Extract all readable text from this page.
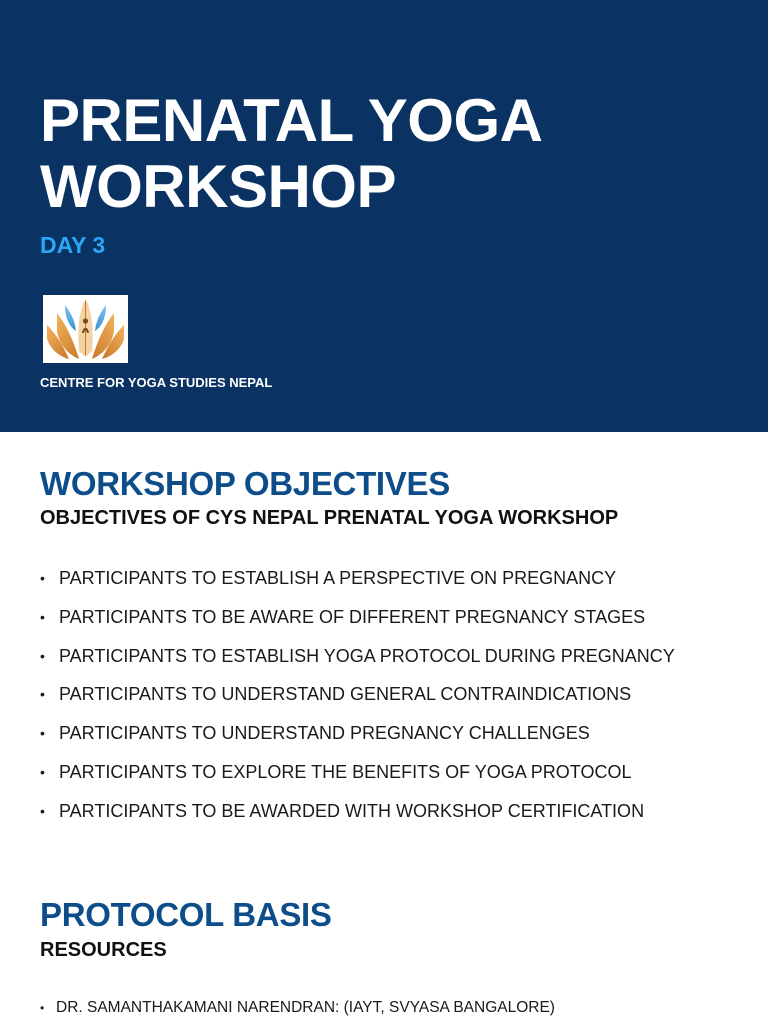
PRENATAL YOGA
WORKSHOP
DAY 3
CENTRE FOR YOGA STUDIES NEPAL
WORKSHOP OBJECTIVES
OBJECTIVES OF CYS NEPAL PRENATAL YOGA WORKSHOP
• PARTICIPANTS TO ESTABLISH A PERSPECTIVE ON PREGNANCY
• PARTICIPANTS TO BE AWARE OF DIFFERENT PREGNANCY STAGES
• PARTICIPANTS TO ESTABLISH YOGA PROTOCOL DURING PREGNANCY
• PARTICIPANTS TO UNDERSTAND GENERAL CONTRAINDICATIONS
• PARTICIPANTS TO UNDERSTAND PREGNANCY CHALLENGES
• PARTICIPANTS TO EXPLORE THE BENEFITS OF YOGA PROTOCOL
• PARTICIPANTS TO BE AWARDED WITH WORKSHOP CERTIFICATION
PROTOCOL BASIS
RESOURCES
• DR. SAMANTHAKAMANI NARENDRAN: (IAYT, SVYASA BANGALORE)
